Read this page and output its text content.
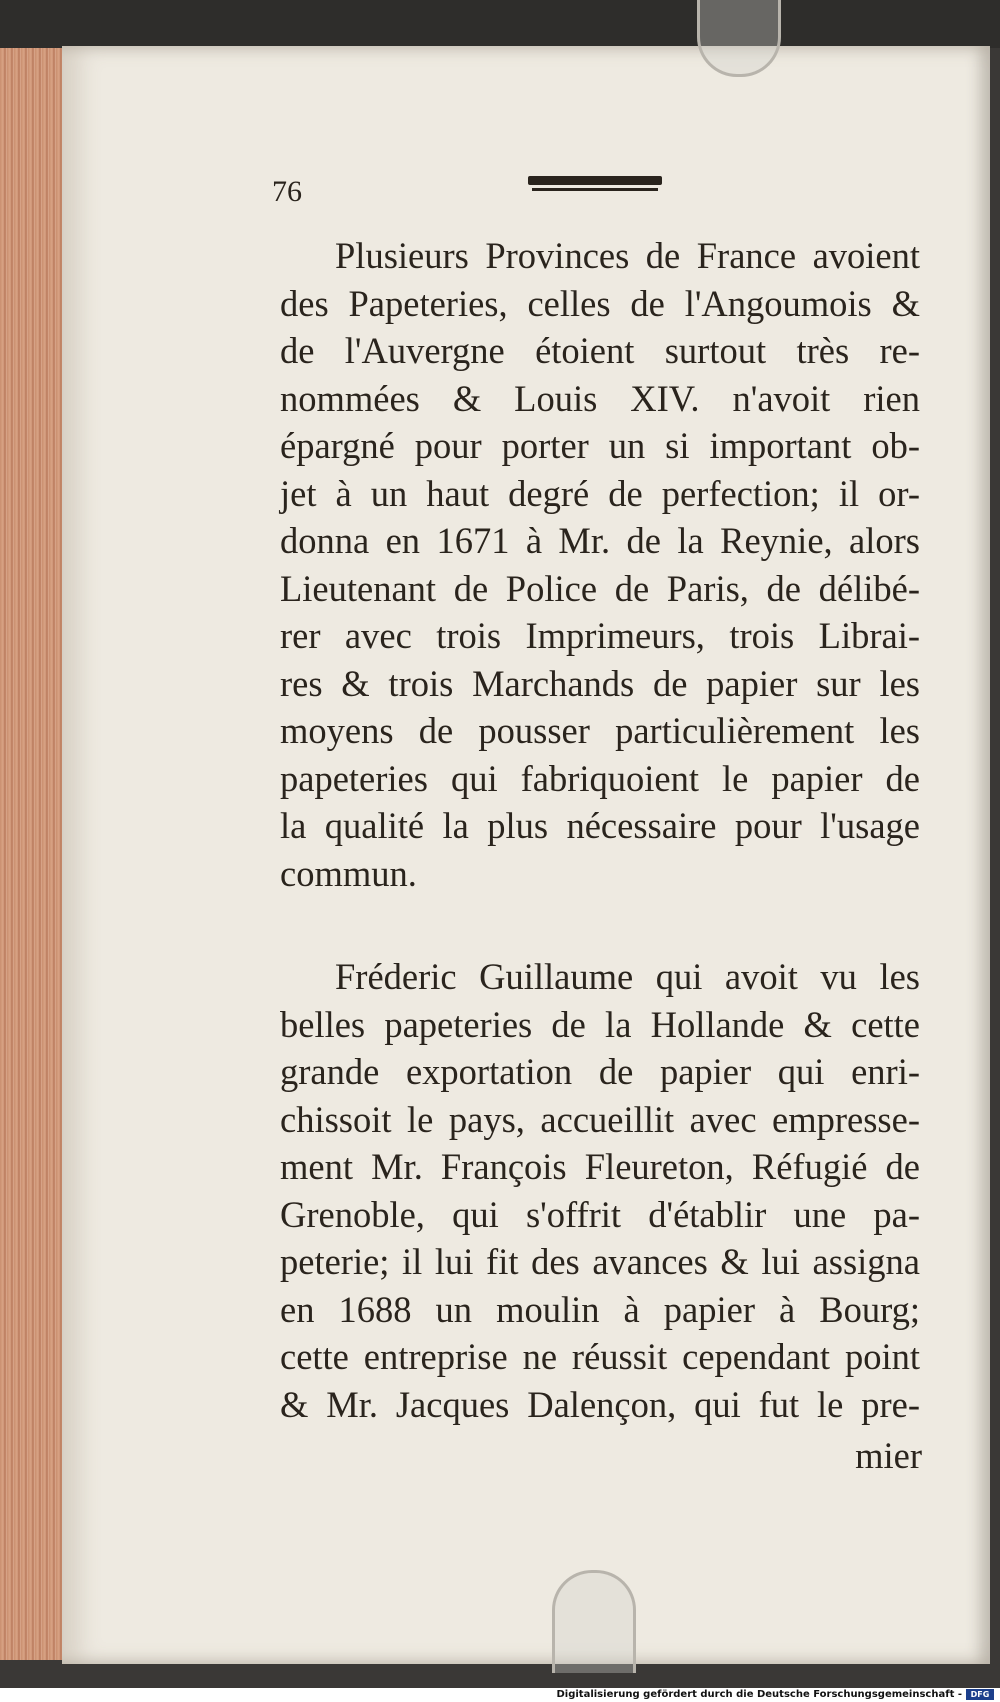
76
Plusieurs Provinces de France avoient
des Papeteries, celles de l'Angoumois &
de l'Auvergne étoient surtout très re-
nommées & Louis XIV. n'avoit rien
épargné pour porter un si important ob-
jet à un haut degré de perfection; il or-
donna en 1671 à Mr. de la Reynie, alors
Lieutenant de Police de Paris, de délibé-
rer avec trois Imprimeurs, trois Librai-
res & trois Marchands de papier sur les
moyens de pousser particulièrement les
papeteries qui fabriquoient le papier de
la qualité la plus nécessaire pour l'usage
commun.
Fréderic Guillaume qui avoit vu les
belles papeteries de la Hollande & cette
grande exportation de papier qui enri-
chissoit le pays, accueillit avec empresse-
ment Mr. François Fleureton, Réfugié de
Grenoble, qui s'offrit d'établir une pa-
peterie; il lui fit des avances & lui assigna
en 1688 un moulin à papier à Bourg;
cette entreprise ne réussit cependant point
& Mr. Jacques Dalençon, qui fut le pre-
mier
Digitalisierung gefördert durch die Deutsche Forschungsgemeinschaft -	DFG
